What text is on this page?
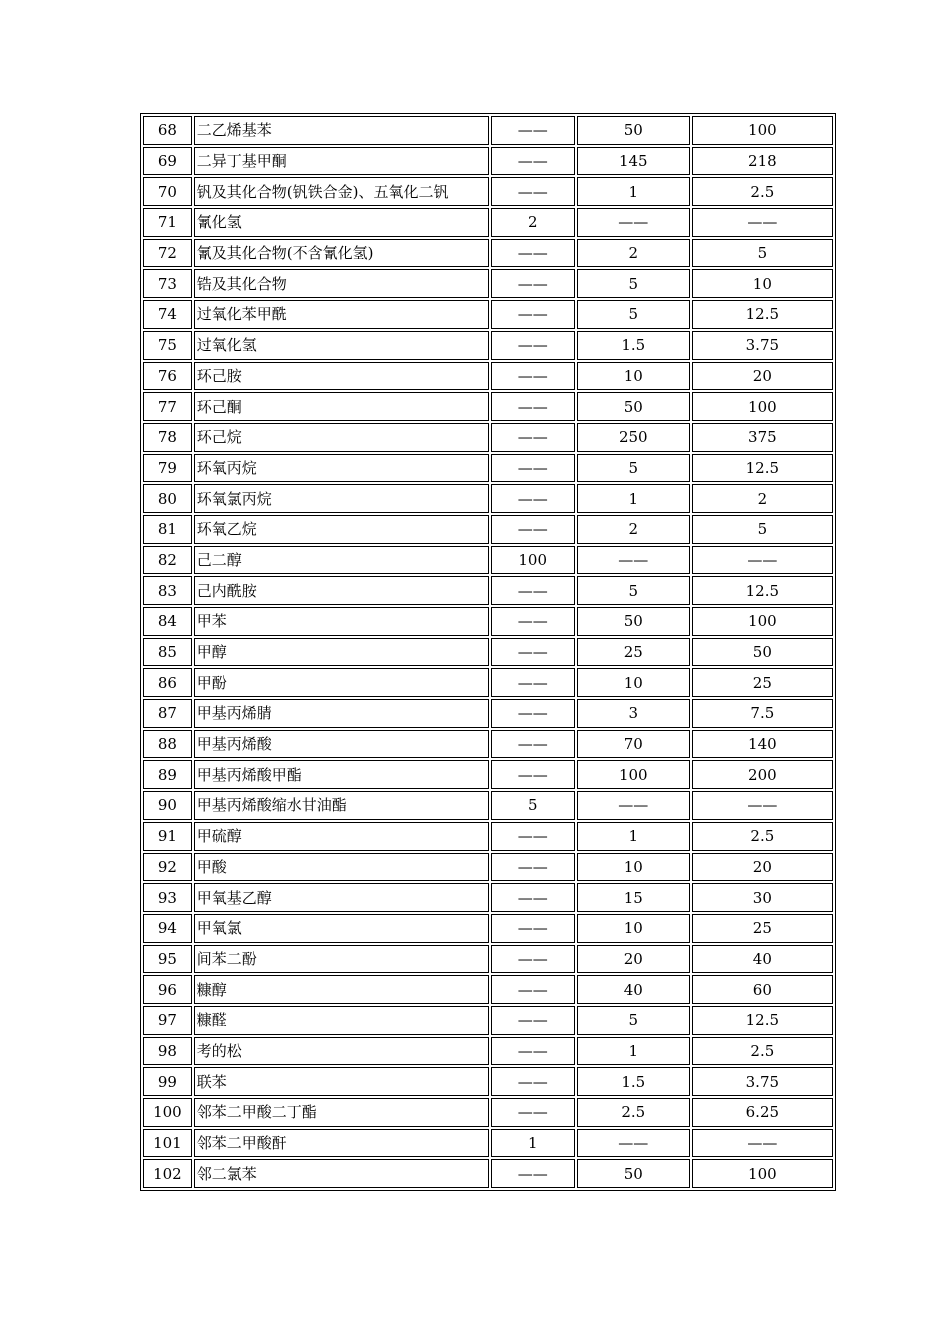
68	二乙烯基苯	——	50	100
69	二异丁基甲酮	——	145	218
70	钒及其化合物(钒铁合金)、五氧化二钒	——	1	2.5
71	氰化氢	2	——	——
72	氰及其化合物(不含氰化氢)	——	2	5
73	锆及其化合物	——	5	10
74	过氧化苯甲酰	——	5	12.5
75	过氧化氢	——	1.5	3.75
76	环己胺	——	10	20
77	环己酮	——	50	100
78	环己烷	——	250	375
79	环氧丙烷	——	5	12.5
80	环氧氯丙烷	——	1	2
81	环氧乙烷	——	2	5
82	己二醇	100	——	——
83	己内酰胺	——	5	12.5
84	甲苯	——	50	100
85	甲醇	——	25	50
86	甲酚	——	10	25
87	甲基丙烯腈	——	3	7.5
88	甲基丙烯酸	——	70	140
89	甲基丙烯酸甲酯	——	100	200
90	甲基丙烯酸缩水甘油酯	5	——	——
91	甲硫醇	——	1	2.5
92	甲酸	——	10	20
93	甲氧基乙醇	——	15	30
94	甲氧氯	——	10	25
95	间苯二酚	——	20	40
96	糠醇	——	40	60
97	糠醛	——	5	12.5
98	考的松	——	1	2.5
99	联苯	——	1.5	3.75
100	邻苯二甲酸二丁酯	——	2.5	6.25
101	邻苯二甲酸酐	1	——	——
102	邻二氯苯	——	50	100
